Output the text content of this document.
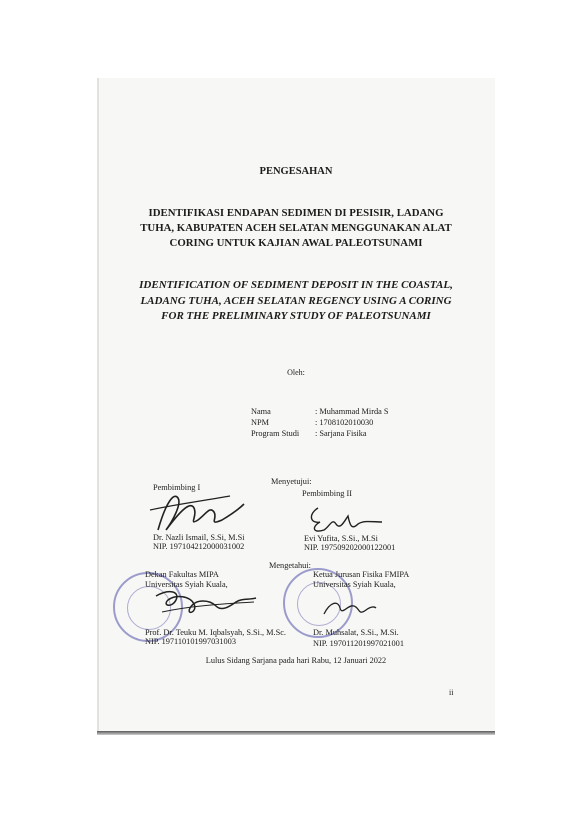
PENGESAHAN
IDENTIFIKASI ENDAPAN SEDIMEN DI PESISIR, LADANG TUHA, KABUPATEN ACEH SELATAN MENGGUNAKAN ALAT CORING UNTUK KAJIAN AWAL PALEOTSUNAMI
IDENTIFICATION OF SEDIMENT DEPOSIT IN THE COASTAL, LADANG TUHA, ACEH SELATAN REGENCY USING A CORING FOR THE PRELIMINARY STUDY OF PALEOTSUNAMI
Oleh:
Nama	: Muhammad Mirda S
NPM	: 1708102010030
Program Studi	: Sarjana Fisika
Menyetujui:
Pembimbing I
Dr. Nazli Ismail, S.Si, M.Si
NIP. 197104212000031002
Pembimbing II
Evi Yufita, S.Si., M.Si
NIP. 197509202000122001
Mengetahui:
Dekan Fakultas MIPA
Universitas Syiah Kuala,
Prof. Dr. Teuku M. Iqbalsyah, S.Si., M.Sc.
NIP. 197110101997031003
Ketua Jurusan Fisika FMIPA
Universitas Syiah Kuala,
Dr. Muhsalat, S.Si., M.Si.
NIP. 197011201997021001
Lulus Sidang Sarjana pada hari Rabu, 12 Januari 2022
ii
